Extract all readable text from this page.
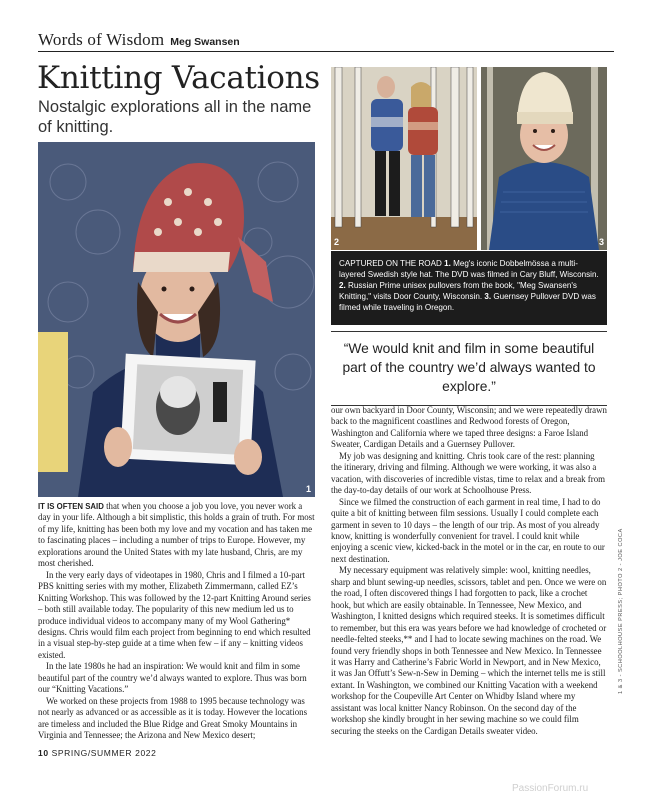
Words of Wisdom Meg Swansen
Knitting Vacations
Nostalgic explorations all in the name of knitting.
1
2	3
CAPTURED ON THE ROAD 1. Meg's iconic Dobbelmössa a multi-layered Swedish style hat. The DVD was filmed in Cary Bluff, Wisconsin. 2. Russian Prime unisex pullovers from the book, "Meg Swansen's Knitting," visits Door County, Wisconsin. 3. Guernsey Pullover DVD was filmed while traveling in Oregon.
“We would knit and film in some beautiful part of the country we’d always wanted to explore.”

IT IS OFTEN SAID that when you choose a job you love, you never work a day in your life. Although a bit simplistic, this holds a grain of truth. For most of my life, knitting has been both my love and my vocation and has taken me to fascinating places – including a number of trips to Europe. However, my explorations around the United States with my late husband, Chris, are my most cherished.

In the very early days of videotapes in 1980, Chris and I filmed a 10-part PBS knitting series with my mother, Elizabeth Zimmermann, called EZ’s Knitting Workshop. This was followed by the 12-part Knitting Around series – both still available today. The popularity of this new medium led us to produce individual videos to accompany many of my Wool Gathering* designs. Chris would film each project from beginning to end which resulted in a visual step-by-step guide at a time when few – if any – knitting videos existed.

In the late 1980s he had an inspiration: We would knit and film in some beautiful part of the country we’d always wanted to explore. Thus was born our “Knitting Vacations.”

We worked on these projects from 1988 to 1995 because technology was not nearly as advanced or as accessible as it is today. However the locations are timeless and included the Blue Ridge and Great Smoky Mountains in Virginia and Tennessee; the Arizona and New Mexico desert;

our own backyard in Door County, Wisconsin; and we were repeatedly drawn back to the magnificent coastlines and Redwood forests of Oregon, Washington and California where we taped three designs: a Faroe Island Sweater, Cardigan Details and a Guernsey Pullover.

My job was designing and knitting. Chris took care of the rest: planning the itinerary, driving and filming. Although we were working, it was also a vacation, with discoveries of incredible vistas, time to relax and a break from the day-to-day details of our work at Schoolhouse Press.

Since we filmed the construction of each garment in real time, I had to do quite a bit of knitting between film sessions. Usually I could complete each garment in seven to 10 days – the length of our trip. As most of you already know, knitting is wonderfully convenient for travel. I could knit while enjoying a scenic view, kicked-back in the motel or in the car, en route to our next destination.

My necessary equipment was relatively simple: wool, knitting needles, sharp and blunt sewing-up needles, scissors, tablet and pen. Once we were on the road, I often discovered things I had forgotten to pack, like a crochet hook, but which are easily obtainable. In Tennessee, New Mexico, and Washington, I knitted designs which required steeks. It is sometimes difficult to remember, but this era was years before we had knowledge of crocheted or needle-felted steeks,** and I had to locate sewing machines on the road. We found very friendly shops in both Tennessee and New Mexico. In Tennessee it was Harry and Catherine’s Fabric World in Newport, and in New Mexico, it was Jan Offutt’s Sew-n-Sew in Deming – which the internet tells me is still extant. In Washington, we combined our Knitting Vacation with a weekend workshop for the Coupeville Art Center on Whidby Island where my assistant was local knitter Nancy Robinson. On the second day of the workshop she kindly brought in her sewing machine so we could film securing the steeks on the Cardigan Details sweater video.

10 SPRING/SUMMER 2022
1 & 3 - SCHOOLHOUSE PRESS; PHOTO 2 - JOE COCA
PassionForum.ru
